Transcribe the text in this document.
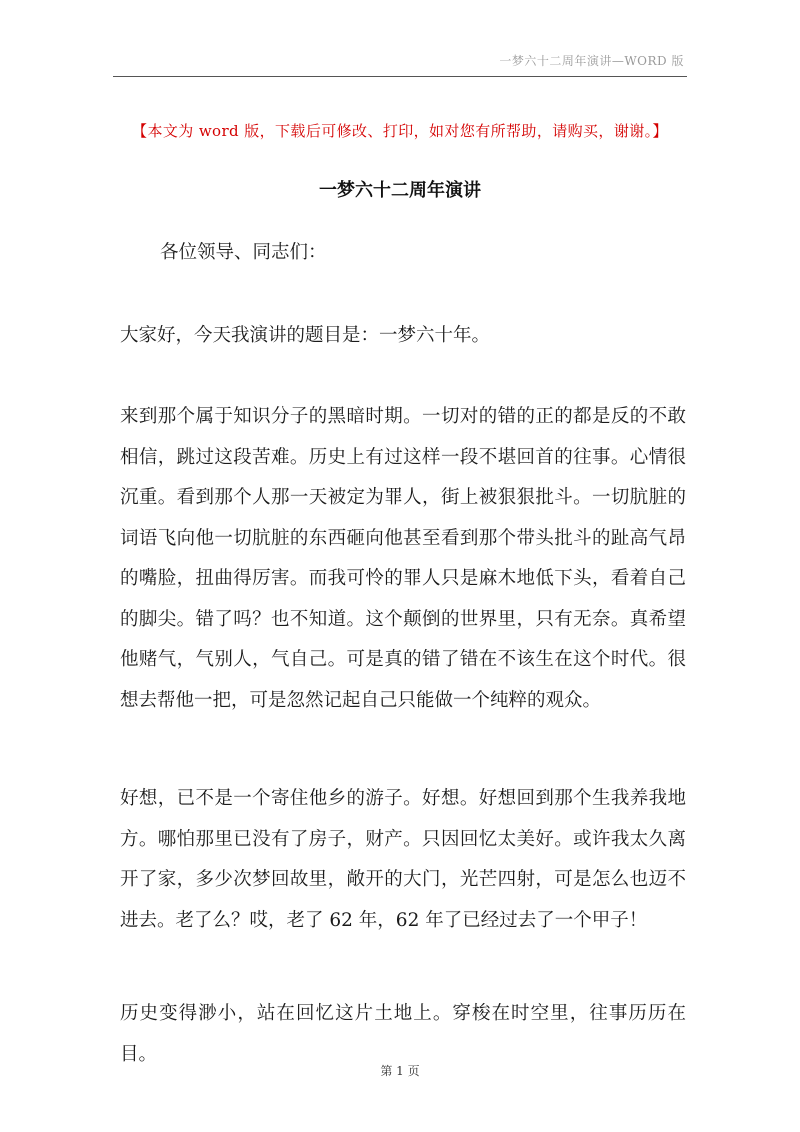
一梦六十二周年演讲—WORD 版
【本文为 word 版，下载后可修改、打印，如对您有所帮助，请购买，谢谢。】
一梦六十二周年演讲
各位领导、同志们：
大家好，今天我演讲的题目是：一梦六十年。
来到那个属于知识分子的黑暗时期。一切对的错的正的都是反的不敢相信，跳过这段苦难。历史上有过这样一段不堪回首的往事。心情很沉重。看到那个人那一天被定为罪人，街上被狠狠批斗。一切肮脏的词语飞向他一切肮脏的东西砸向他甚至看到那个带头批斗的趾高气昂的嘴脸，扭曲得厉害。而我可怜的罪人只是麻木地低下头，看着自己的脚尖。错了吗？也不知道。这个颠倒的世界里，只有无奈。真希望他赌气，气别人，气自己。可是真的错了错在不该生在这个时代。很想去帮他一把，可是忽然记起自己只能做一个纯粹的观众。
好想，已不是一个寄住他乡的游子。好想。好想回到那个生我养我地方。哪怕那里已没有了房子，财产。只因回忆太美好。或许我太久离开了家，多少次梦回故里，敞开的大门，光芒四射，可是怎么也迈不进去。老了么？哎，老了 62 年，62 年了已经过去了一个甲子！
历史变得渺小，站在回忆这片土地上。穿梭在时空里，往事历历在目。
第 1 页
